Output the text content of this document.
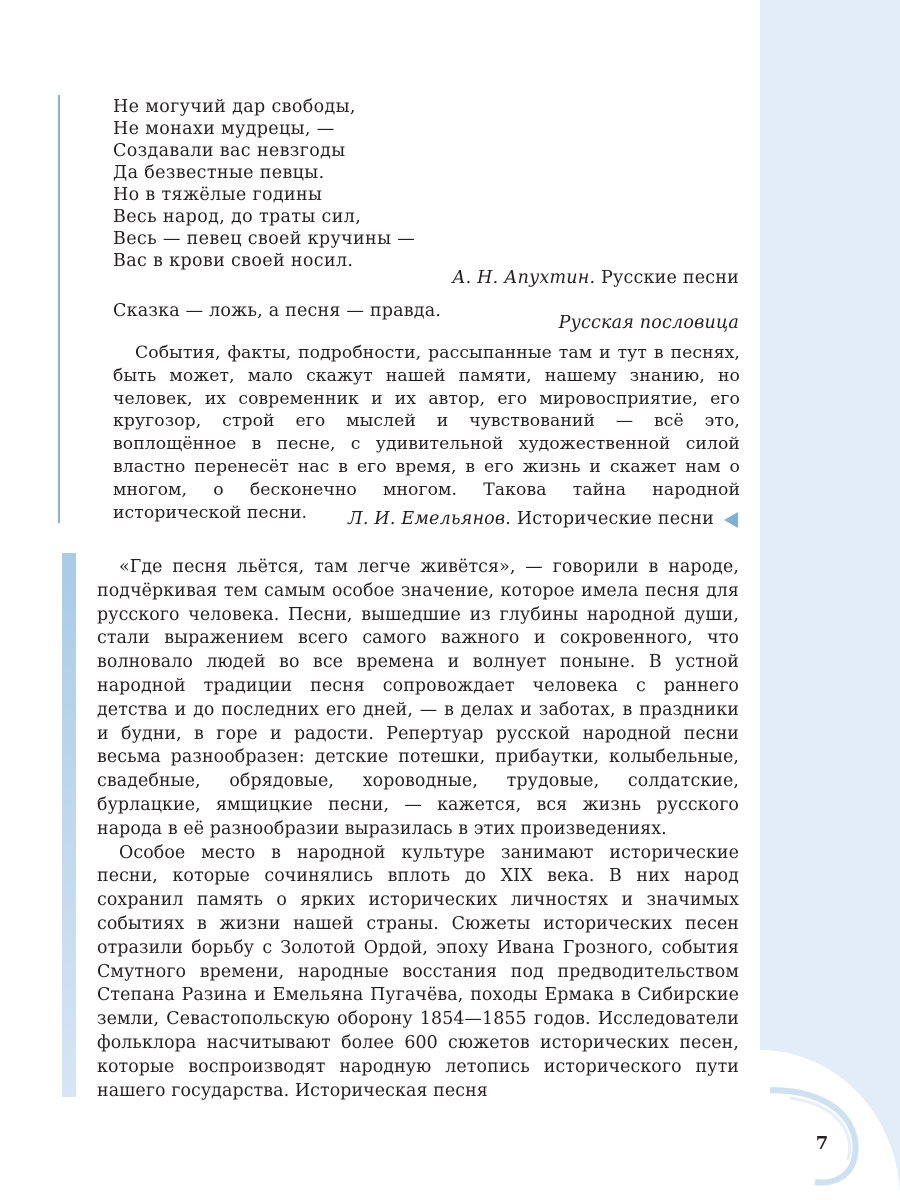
7
Не могучий дар свободы,
Не монахи мудрецы, —
Создавали вас невзгоды
Да безвестные певцы.
Но в тяжёлые годины
Весь народ, до траты сил,
Весь — певец своей кручины —
Вас в крови своей носил.
А. Н. Апухтин. Русские песни
Сказка — ложь, а песня — правда.
Русская пословица
События, факты, подробности, рассыпанные там и тут в песнях, быть может, мало скажут нашей памяти, нашему знанию, но человек, их современник и их автор, его мировосприятие, его кругозор, строй его мыслей и чувствований — всё это, воплощённое в песне, с удивительной художественной силой властно перенесёт нас в его время, в его жизнь и скажет нам о многом, о бесконечно многом. Такова тайна народной исторической песни.	Л. И. Емельянов. Исторические песни

«Где песня льётся, там легче живётся», — говорили в народе, подчёркивая тем самым особое значение, которое имела песня для русского человека. Песни, вышедшие из глубины народной души, стали выражением всего самого важного и сокровенного, что волновало людей во все времена и волнует поныне. В устной народной традиции песня сопровождает человека с раннего детства и до последних его дней, — в делах и заботах, в праздники и будни, в горе и радости. Репертуар русской народной песни весьма разнообразен: детские потешки, прибаутки, колыбельные, свадебные, обрядовые, хороводные, трудовые, солдатские, бурлацкие, ямщицкие песни, — кажется, вся жизнь русского народа в её разнообразии выразилась в этих произведениях.

Особое место в народной культуре занимают исторические песни, которые сочинялись вплоть до XIX века. В них народ сохранил память о ярких исторических личностях и значимых событиях в жизни нашей страны. Сюжеты исторических песен отразили борьбу с Золотой Ордой, эпоху Ивана Грозного, события Смутного времени, народные восстания под предводительством Степана Разина и Емельяна Пугачёва, походы Ермака в Сибирские земли, Севастопольскую оборону 1854—1855 годов. Исследователи фольклора насчитывают более 600 сюжетов исторических песен, которые воспроизводят народную летопись исторического пути нашего государства. Историческая песня
